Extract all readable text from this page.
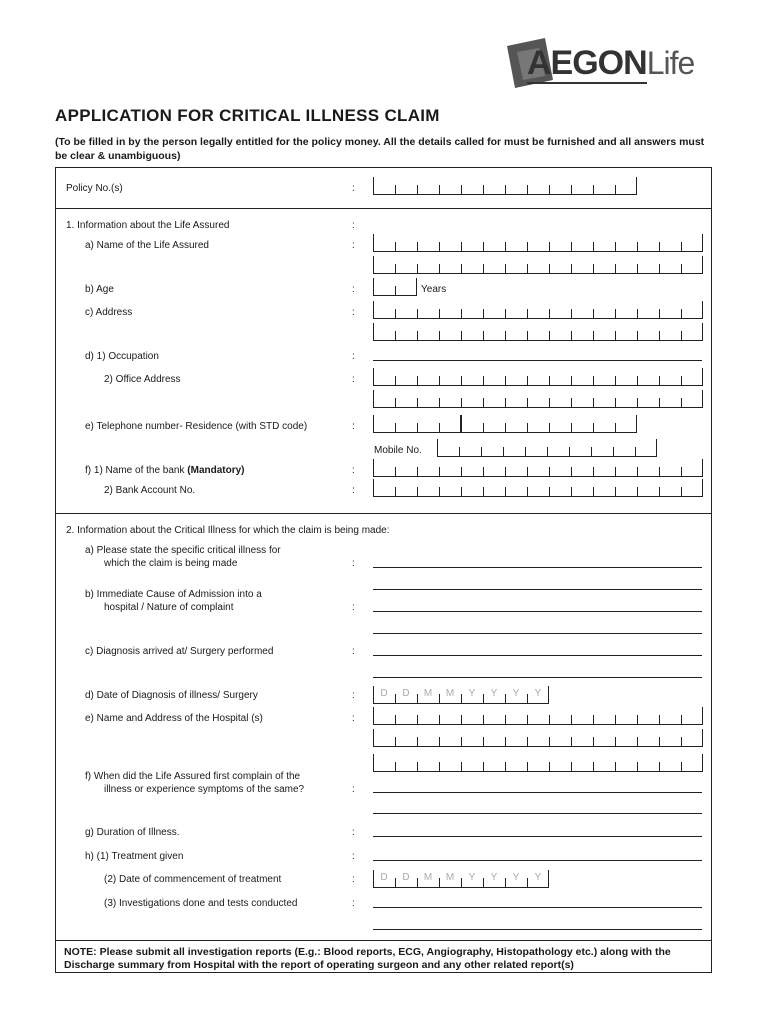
AEGONLife
APPLICATION FOR CRITICAL ILLNESS CLAIM

(To be filled in by the person legally entitled for the policy money. All the details called for must be furnished and all answers must be clear & unambiguous)

Policy No.(s)	:
1. Information about the Life Assured	:
a) Name of the Life Assured	:
b) Age	:	Years
c) Address	:
d) 1) Occupation	:
2) Office Address	:
e) Telephone number- Residence (with STD code)	:
Mobile No.
f) 1) Name of the bank (Mandatory)	:
2) Bank Account No.	:
2. Information about the Critical Illness for which the claim is being made:
a) Please state the specific critical illness for
which the claim is being made	:
b) Immediate Cause of Admission into a
hospital / Nature of complaint	:
c) Diagnosis arrived at/ Surgery performed	:
d) Date of Diagnosis of illness/ Surgery	:	D	D	M	M	Y	Y	Y	Y
e) Name and Address of the Hospital (s)	:
f) When did the Life Assured first complain of the
illness or experience symptoms of the same?	:
g) Duration of Illness.	:
h) (1) Treatment given	:
(2) Date of commencement of treatment	:	D	D	M	M	Y	Y	Y	Y
(3) Investigations done and tests conducted	:
NOTE: Please submit all investigation reports (E.g.: Blood reports, ECG, Angiography, Histopathology etc.) along with the Discharge summary from Hospital with the report of operating surgeon and any other related report(s)
